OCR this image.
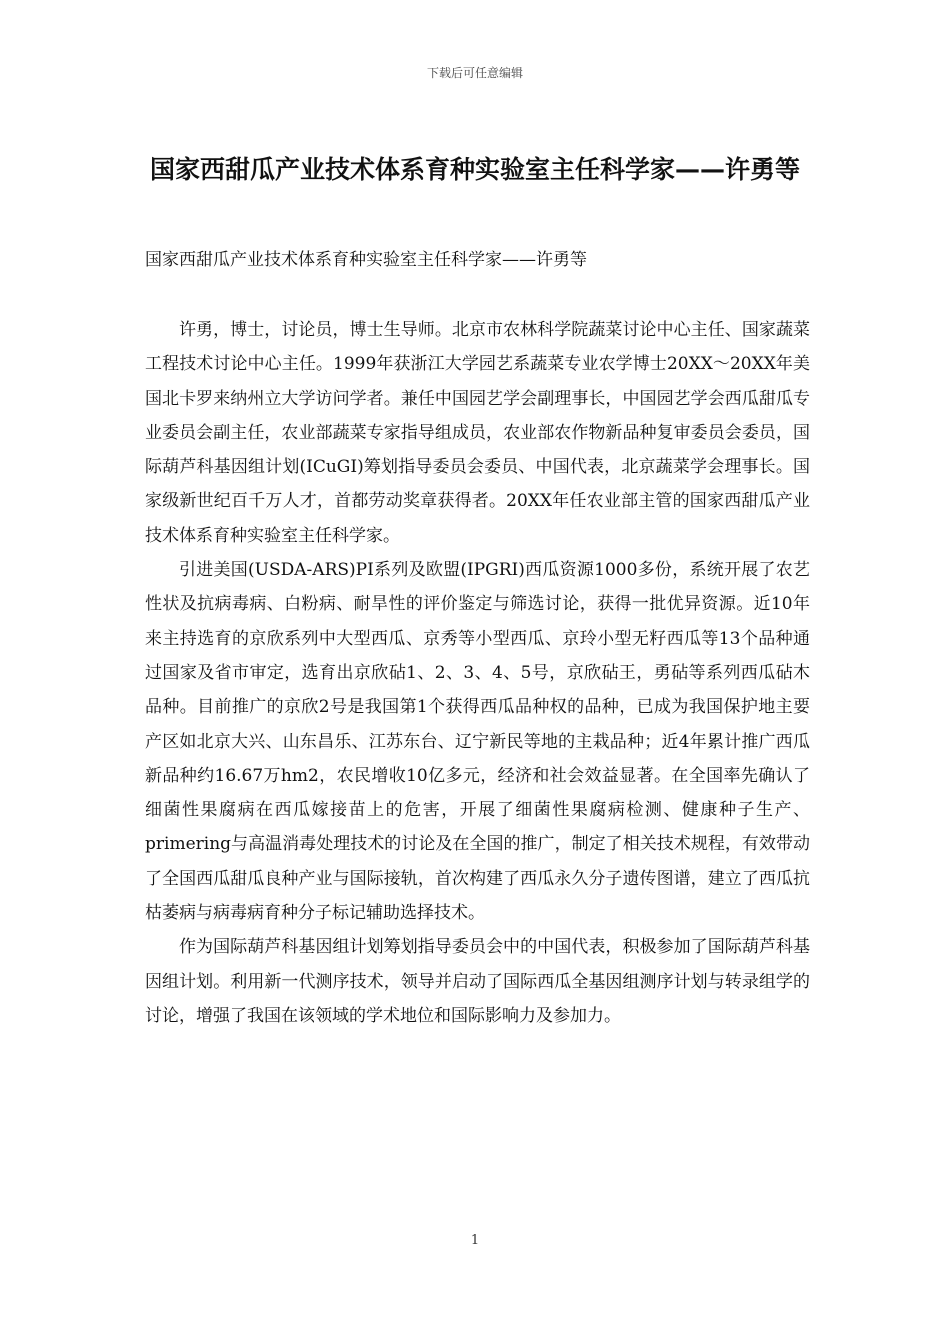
下载后可任意编辑
国家西甜瓜产业技术体系育种实验室主任科学家——许勇等
国家西甜瓜产业技术体系育种实验室主任科学家——许勇等

许勇，博士，讨论员，博士生导师。北京市农林科学院蔬菜讨论中心主任、国家蔬菜工程技术讨论中心主任。1999年获浙江大学园艺系蔬菜专业农学博士20XX～20XX年美国北卡罗来纳州立大学访问学者。兼任中国园艺学会副理事长，中国园艺学会西瓜甜瓜专业委员会副主任，农业部蔬菜专家指导组成员，农业部农作物新品种复审委员会委员，国际葫芦科基因组计划(ICuGI)筹划指导委员会委员、中国代表，北京蔬菜学会理事长。国家级新世纪百千万人才，首都劳动奖章获得者。20XX年任农业部主管的国家西甜瓜产业技术体系育种实验室主任科学家。

引进美国(USDA-ARS)PI系列及欧盟(IPGRI)西瓜资源1000多份，系统开展了农艺性状及抗病毒病、白粉病、耐旱性的评价鉴定与筛选讨论，获得一批优异资源。近10年来主持选育的京欣系列中大型西瓜、京秀等小型西瓜、京玲小型无籽西瓜等13个品种通过国家及省市审定，选育出京欣砧1、2、3、4、5号，京欣砧王，勇砧等系列西瓜砧木品种。目前推广的京欣2号是我国第1个获得西瓜品种权的品种，已成为我国保护地主要产区如北京大兴、山东昌乐、江苏东台、辽宁新民等地的主栽品种；近4年累计推广西瓜新品种约16.67万hm2，农民增收10亿多元，经济和社会效益显著。在全国率先确认了细菌性果腐病在西瓜嫁接苗上的危害，开展了细菌性果腐病检测、健康种子生产、primering与高温消毒处理技术的讨论及在全国的推广，制定了相关技术规程，有效带动了全国西瓜甜瓜良种产业与国际接轨，首次构建了西瓜永久分子遗传图谱，建立了西瓜抗枯萎病与病毒病育种分子标记辅助选择技术。

作为国际葫芦科基因组计划筹划指导委员会中的中国代表，积极参加了国际葫芦科基因组计划。利用新一代测序技术，领导并启动了国际西瓜全基因组测序计划与转录组学的讨论，增强了我国在该领域的学术地位和国际影响力及参加力。

1
